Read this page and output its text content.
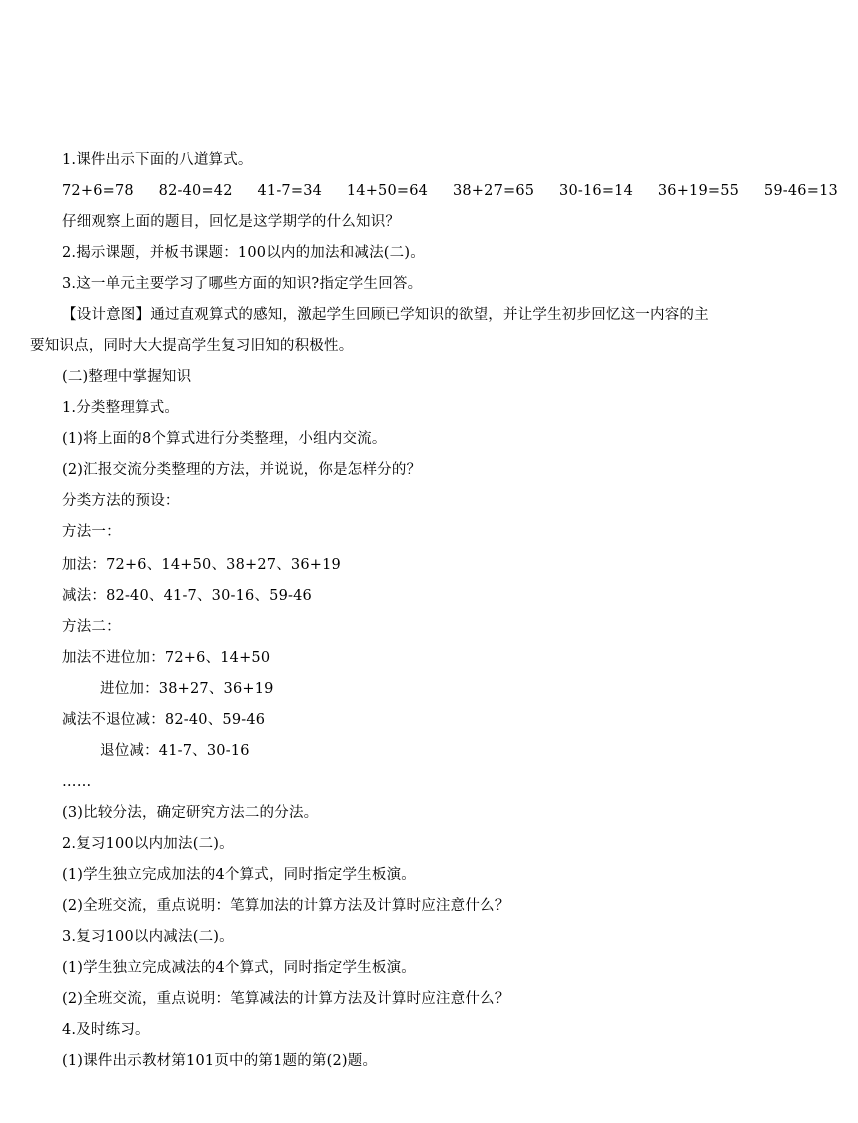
1.课件出示下面的八道算式。
72+6=78 82-40=42 41-7=34 14+50=64 38+27=65 30-16=14 36+19=55 59-46=13
仔细观察上面的题目，回忆是这学期学的什么知识？
2.揭示课题，并板书课题：100以内的加法和减法(二)。
3.这一单元主要学习了哪些方面的知识?指定学生回答。
【设计意图】通过直观算式的感知，激起学生回顾已学知识的欲望，并让学生初步回忆这一内容的主
要知识点，同时大大提高学生复习旧知的积极性。
(二)整理中掌握知识
1.分类整理算式。
(1)将上面的8个算式进行分类整理，小组内交流。
(2)汇报交流分类整理的方法，并说说，你是怎样分的？
分类方法的预设：
方法一：
加法：72+6、14+50、38+27、36+19
减法：82-40、41-7、30-16、59-46
方法二：
加法不进位加：72+6、14+50
进位加：38+27、36+19
减法不退位减：82-40、59-46
退位减：41-7、30-16
……
(3)比较分法，确定研究方法二的分法。
2.复习100以内加法(二)。
(1)学生独立完成加法的4个算式，同时指定学生板演。
(2)全班交流，重点说明：笔算加法的计算方法及计算时应注意什么？
3.复习100以内减法(二)。
(1)学生独立完成减法的4个算式，同时指定学生板演。
(2)全班交流，重点说明：笔算减法的计算方法及计算时应注意什么？
4.及时练习。
(1)课件出示教材第101页中的第1题的第(2)题。
